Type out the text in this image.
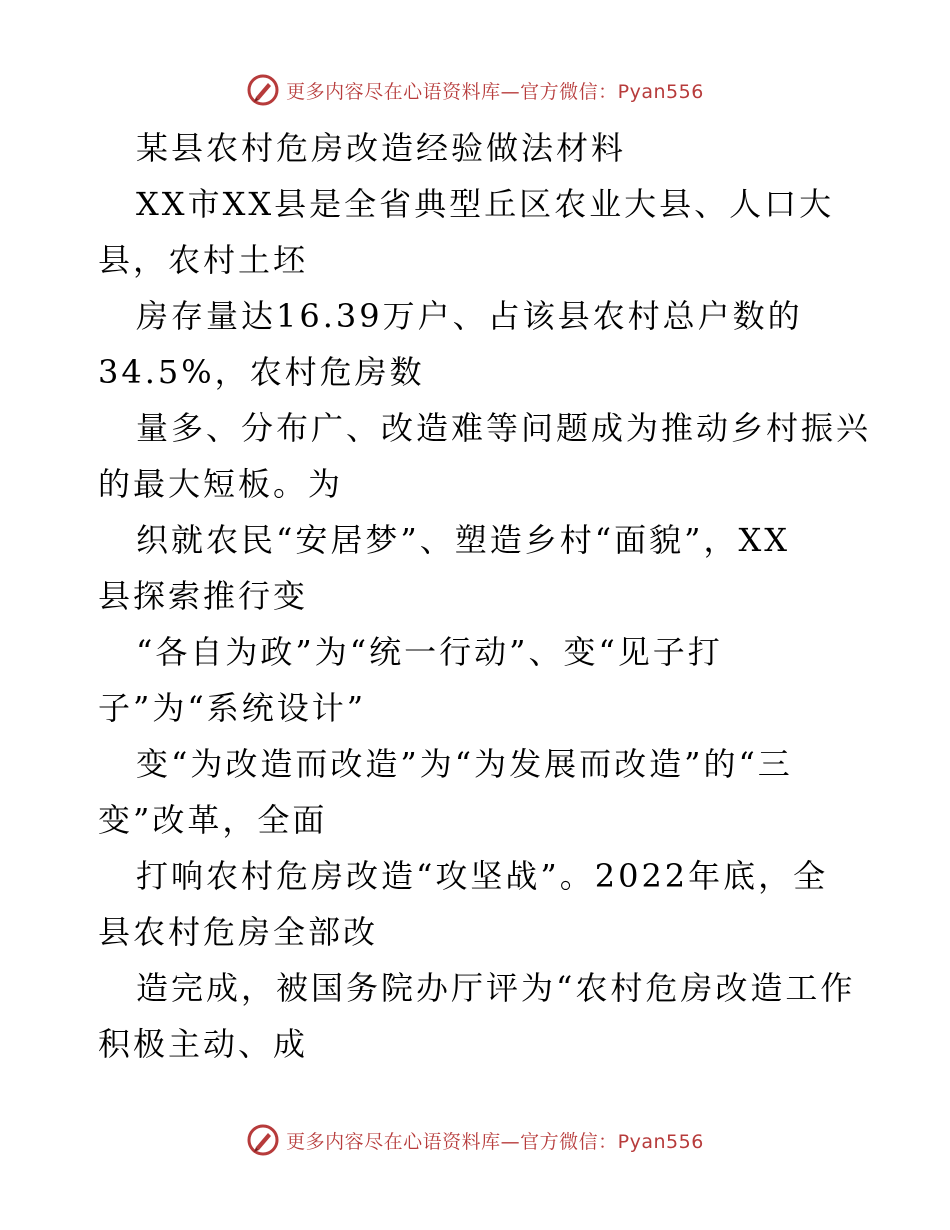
更多内容尽在心语资料库—官方微信：Pyan556
某县农村危房改造经验做法材料
XX市XX县是全省典型丘区农业大县、人口大
县，农村土坯
房存量达16.39万户、占该县农村总户数的
34.5%，农村危房数
量多、分布广、改造难等问题成为推动乡村振兴
的最大短板。为
织就农民“安居梦”、塑造乡村“面貌”，XX
县探索推行变
“各自为政”为“统一行动”、变“见子打
子”为“系统设计”
变“为改造而改造”为“为发展而改造”的“三
变”改革，全面
打响农村危房改造“攻坚战”。2022年底，全
县农村危房全部改
造完成，被国务院办厅评为“农村危房改造工作
积极主动、成
更多内容尽在心语资料库—官方微信：Pyan556
